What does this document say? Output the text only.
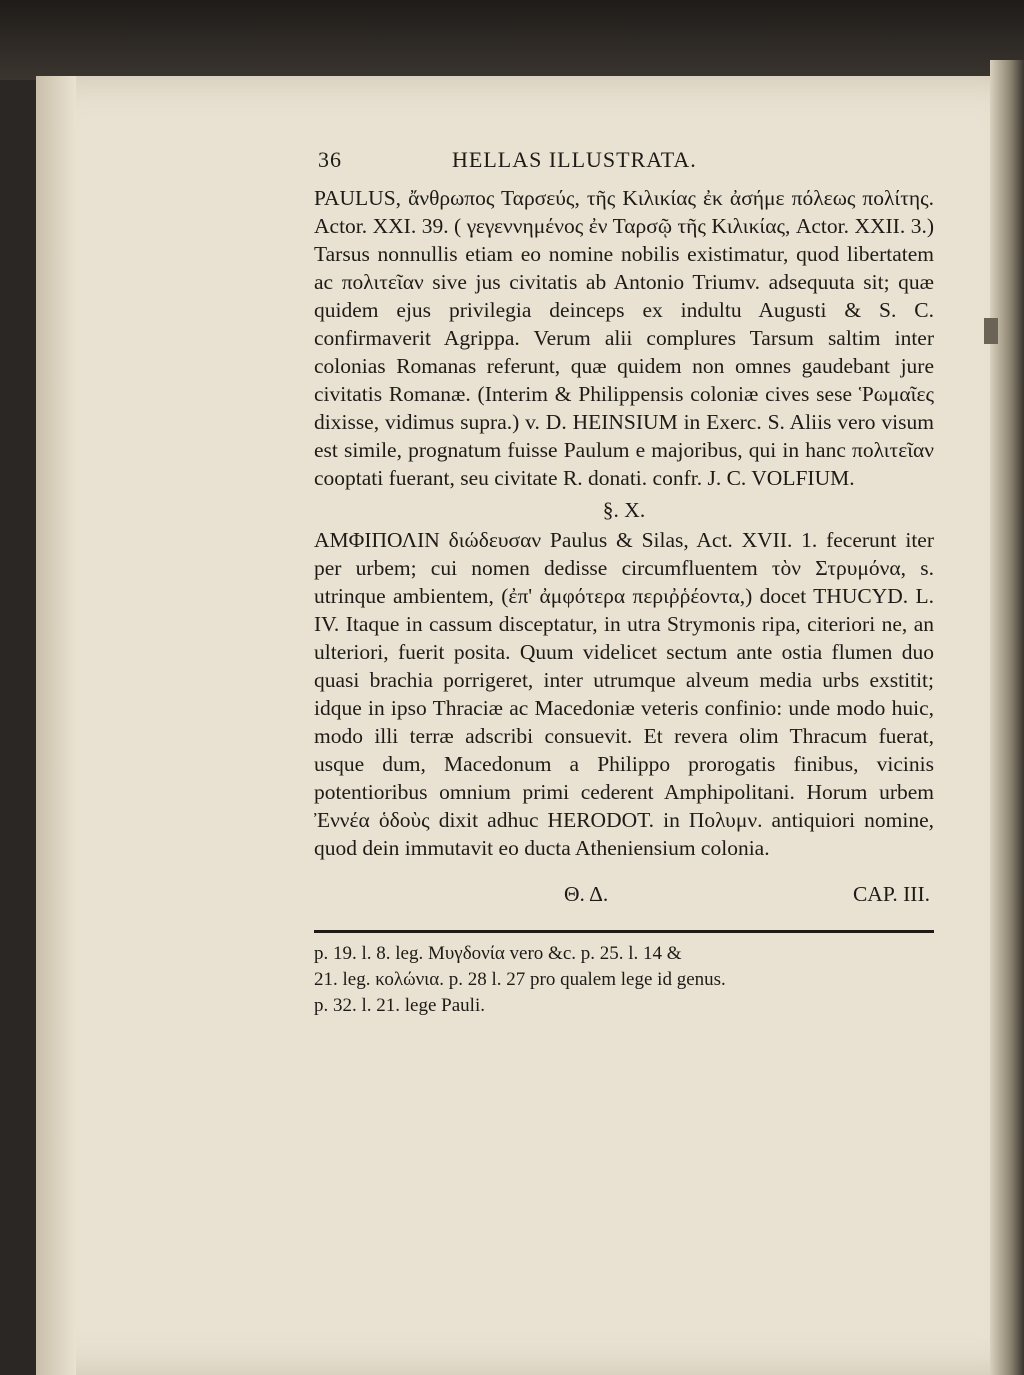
36	HELLAS ILLUSTRATA.

PAULUS, ἄνθρωπος Ταρσεύς, τῆς Κιλικίας ἐκ ἀσήμε πόλεως πολίτης. Actor. XXI. 39. ( γεγεννημένος ἐν Ταρσῷ τῆς Κιλικίας, Actor. XXII. 3.) Tarsus nonnullis etiam eo nomine nobilis existimatur, quod libertatem ac πολιτεῖαν sive jus civitatis ab Antonio Triumv. adsequuta sit; quæ quidem ejus privilegia deinceps ex indultu Augusti & S. C. confirmaverit Agrippa. Verum alii complures Tarsum saltim inter colonias Romanas referunt, quæ quidem non omnes gaudebant jure civitatis Romanæ. (Interim & Philippensis coloniæ cives sese Ῥωμαῖες dixisse, vidimus supra.) v. D. HEINSIUM in Exerc. S. Aliis vero visum est simile, prognatum fuisse Paulum e majoribus, qui in hanc πολιτεῖαν cooptati fuerant, seu civitate R. donati. confr. J. C. VOLFIUM.

§. X.

ΑΜΦΙΠΟΛΙΝ διώδευσαν Paulus & Silas, Act. XVII. 1. fecerunt iter per urbem; cui nomen dedisse circumfluentem τὸν Στρυμόνα, s. utrinque ambientem, (ἐπ' ἀμφότερα περιῤῥέοντα,) docet THUCYD. L. IV. Itaque in cassum disceptatur, in utra Strymonis ripa, citeriori ne, an ulteriori, fuerit posita. Quum videlicet sectum ante ostia flumen duo quasi brachia porrigeret, inter utrumque alveum media urbs exstitit; idque in ipso Thraciæ ac Macedoniæ veteris confinio: unde modo huic, modo illi terræ adscribi consuevit. Et revera olim Thracum fuerat, usque dum, Macedonum a Philippo prorogatis finibus, vicinis potentioribus omnium primi cederent Amphipolitani. Horum urbem Ἐννέα ὁδοὺς dixit adhuc HERODOT. in Πολυμν. antiquiori nomine, quod dein immutavit eo ducta Atheniensium colonia.

Θ. Δ.	CAP. III.

p. 19. l. 8. leg. Μυγδονία vero &c. p. 25. l. 14 &

21. leg. κολώνια. p. 28 l. 27 pro qualem lege id genus.

p. 32. l. 21. lege Pauli.
